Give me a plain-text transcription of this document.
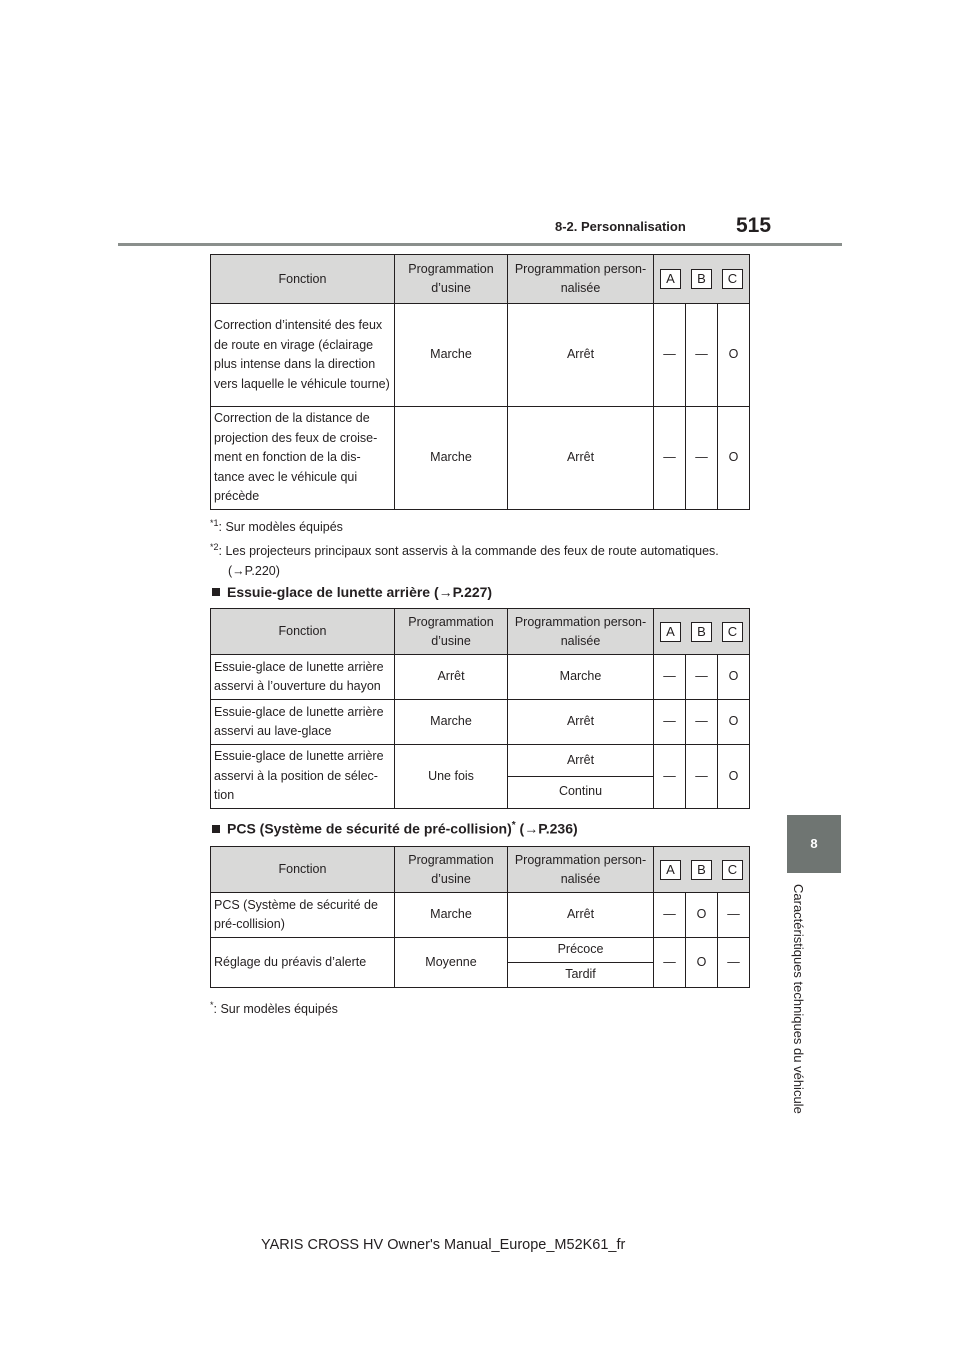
8-2. Personnalisation 515
8
Caractéristiques techniques du véhicule
Fonction	Programmation d’usine	Programmation person-nalisée	A B C		
Correction d’intensité des feux de route en virage (éclairage plus intense dans la direction vers laquelle le véhicule tourne)	Marche	Arrêt	—	—	O
Correction de la distance de projection des feux de croise-ment en fonction de la dis-tance avec le véhicule qui précède	Marche	Arrêt	—	—	O
$^{*1}$: Sur modèles équipés
$^{*2}$: Les projecteurs principaux sont asservis à la commande des feux de route automatiques.
(→P.220)
Essuie-glace de lunette arrière (→P.227)
Fonction	Programmation d’usine	Programmation person-nalisée	A B C		
Essuie-glace de lunette arrière asservi à l’ouverture du hayon	Arrêt	Marche	—	—	O
Essuie-glace de lunette arrière asservi au lave-glace	Marche	Arrêt	—	—	O
Essuie-glace de lunette arrière asservi à la position de sélec-tion	Une fois	Arrêt	—	—	O
		Continu			
PCS (Système de sécurité de pré-collision)* (→P.236)
Fonction	Programmation d’usine	Programmation person-nalisée	A B C		
PCS (Système de sécurité de pré-collision)	Marche	Arrêt	—	O	—
Réglage du préavis d’alerte	Moyenne	Précoce	—	O	—
		Tardif			
*: Sur modèles équipés
YARIS CROSS HV Owner's Manual_Europe_M52K61_fr
